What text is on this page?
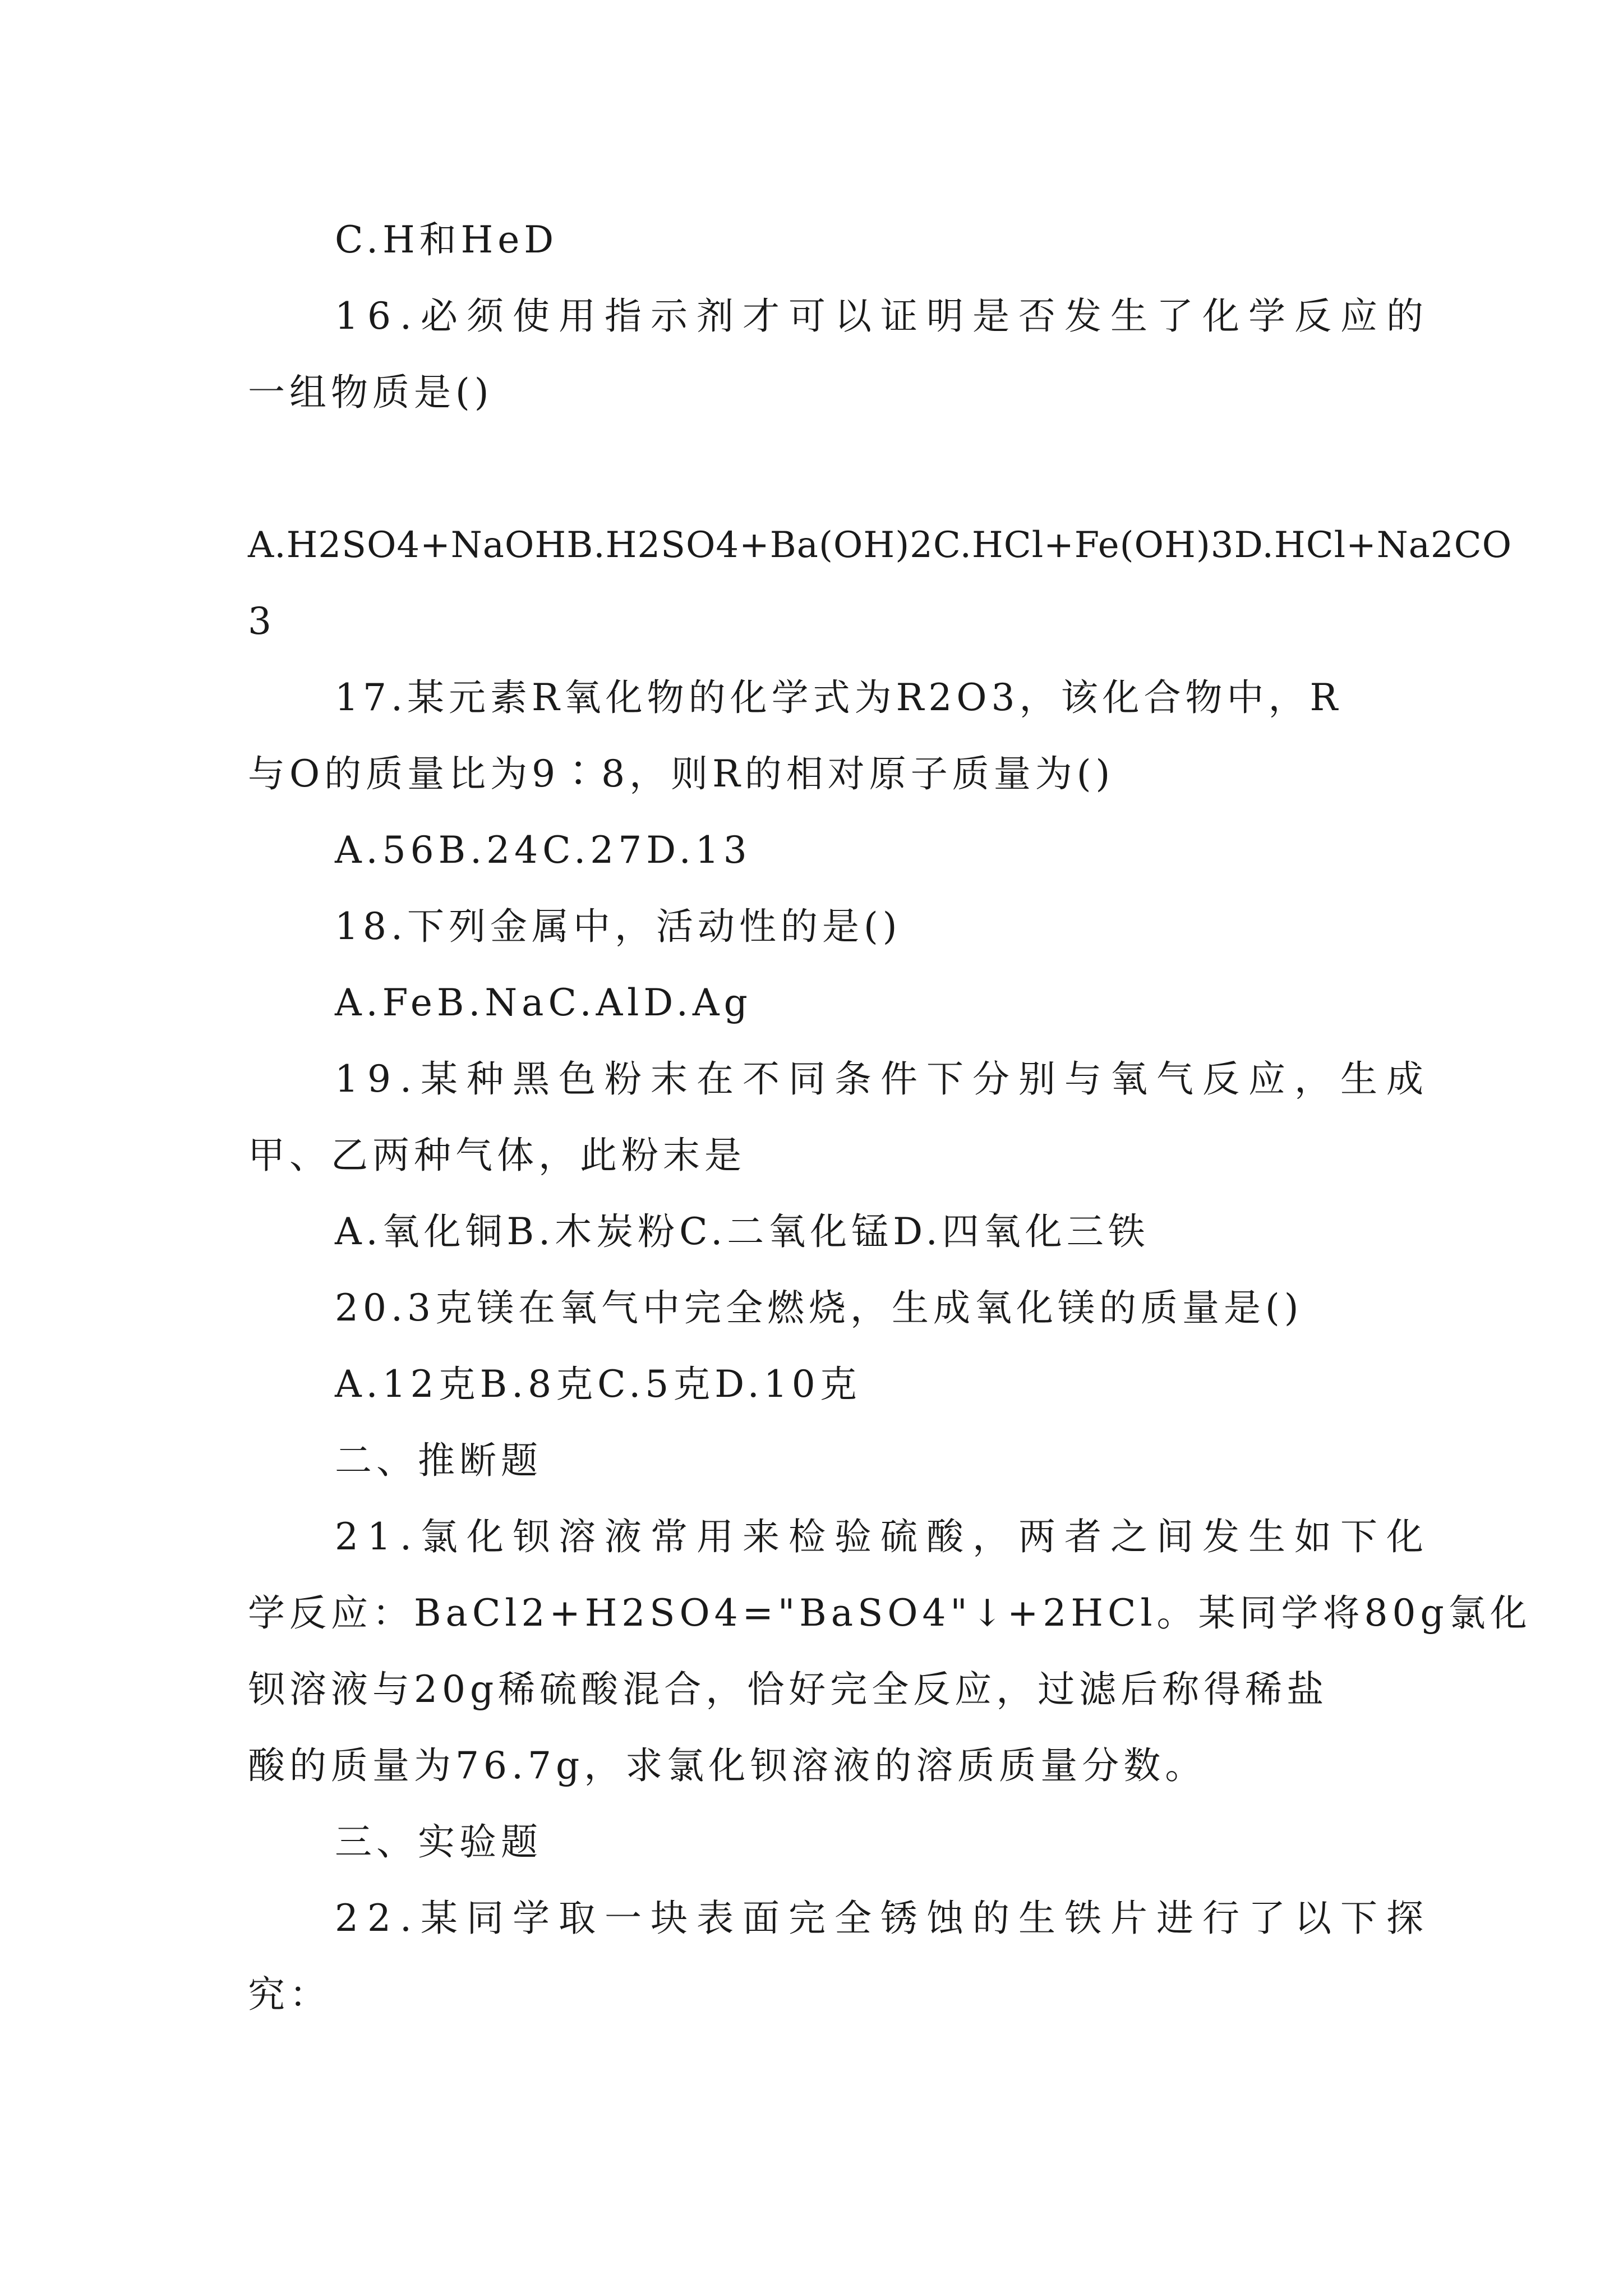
C.H和HeD
16.必须使用指示剂才可以证明是否发生了化学反应的
一组物质是()
A.H2SO4+NaOHB.H2SO4+Ba(OH)2C.HCl+Fe(OH)3D.HCl+Na2CO
3
17.某元素R氧化物的化学式为R2O3，该化合物中，R
与O的质量比为9∶8，则R的相对原子质量为()
A.56B.24C.27D.13
18.下列金属中，活动性的是()
A.FeB.NaC.AlD.Ag
19.某种黑色粉末在不同条件下分别与氧气反应，生成
甲、乙两种气体，此粉末是
A.氧化铜B.木炭粉C.二氧化锰D.四氧化三铁
20.3克镁在氧气中完全燃烧，生成氧化镁的质量是()
A.12克B.8克C.5克D.10克
二、推断题
21.氯化钡溶液常用来检验硫酸，两者之间发生如下化
学反应：BaCl2+H2SO4="BaSO4"↓+2HCl。某同学将80g氯化
钡溶液与20g稀硫酸混合，恰好完全反应，过滤后称得稀盐
酸的质量为76.7g，求氯化钡溶液的溶质质量分数。
三、实验题
22.某同学取一块表面完全锈蚀的生铁片进行了以下探
究：
